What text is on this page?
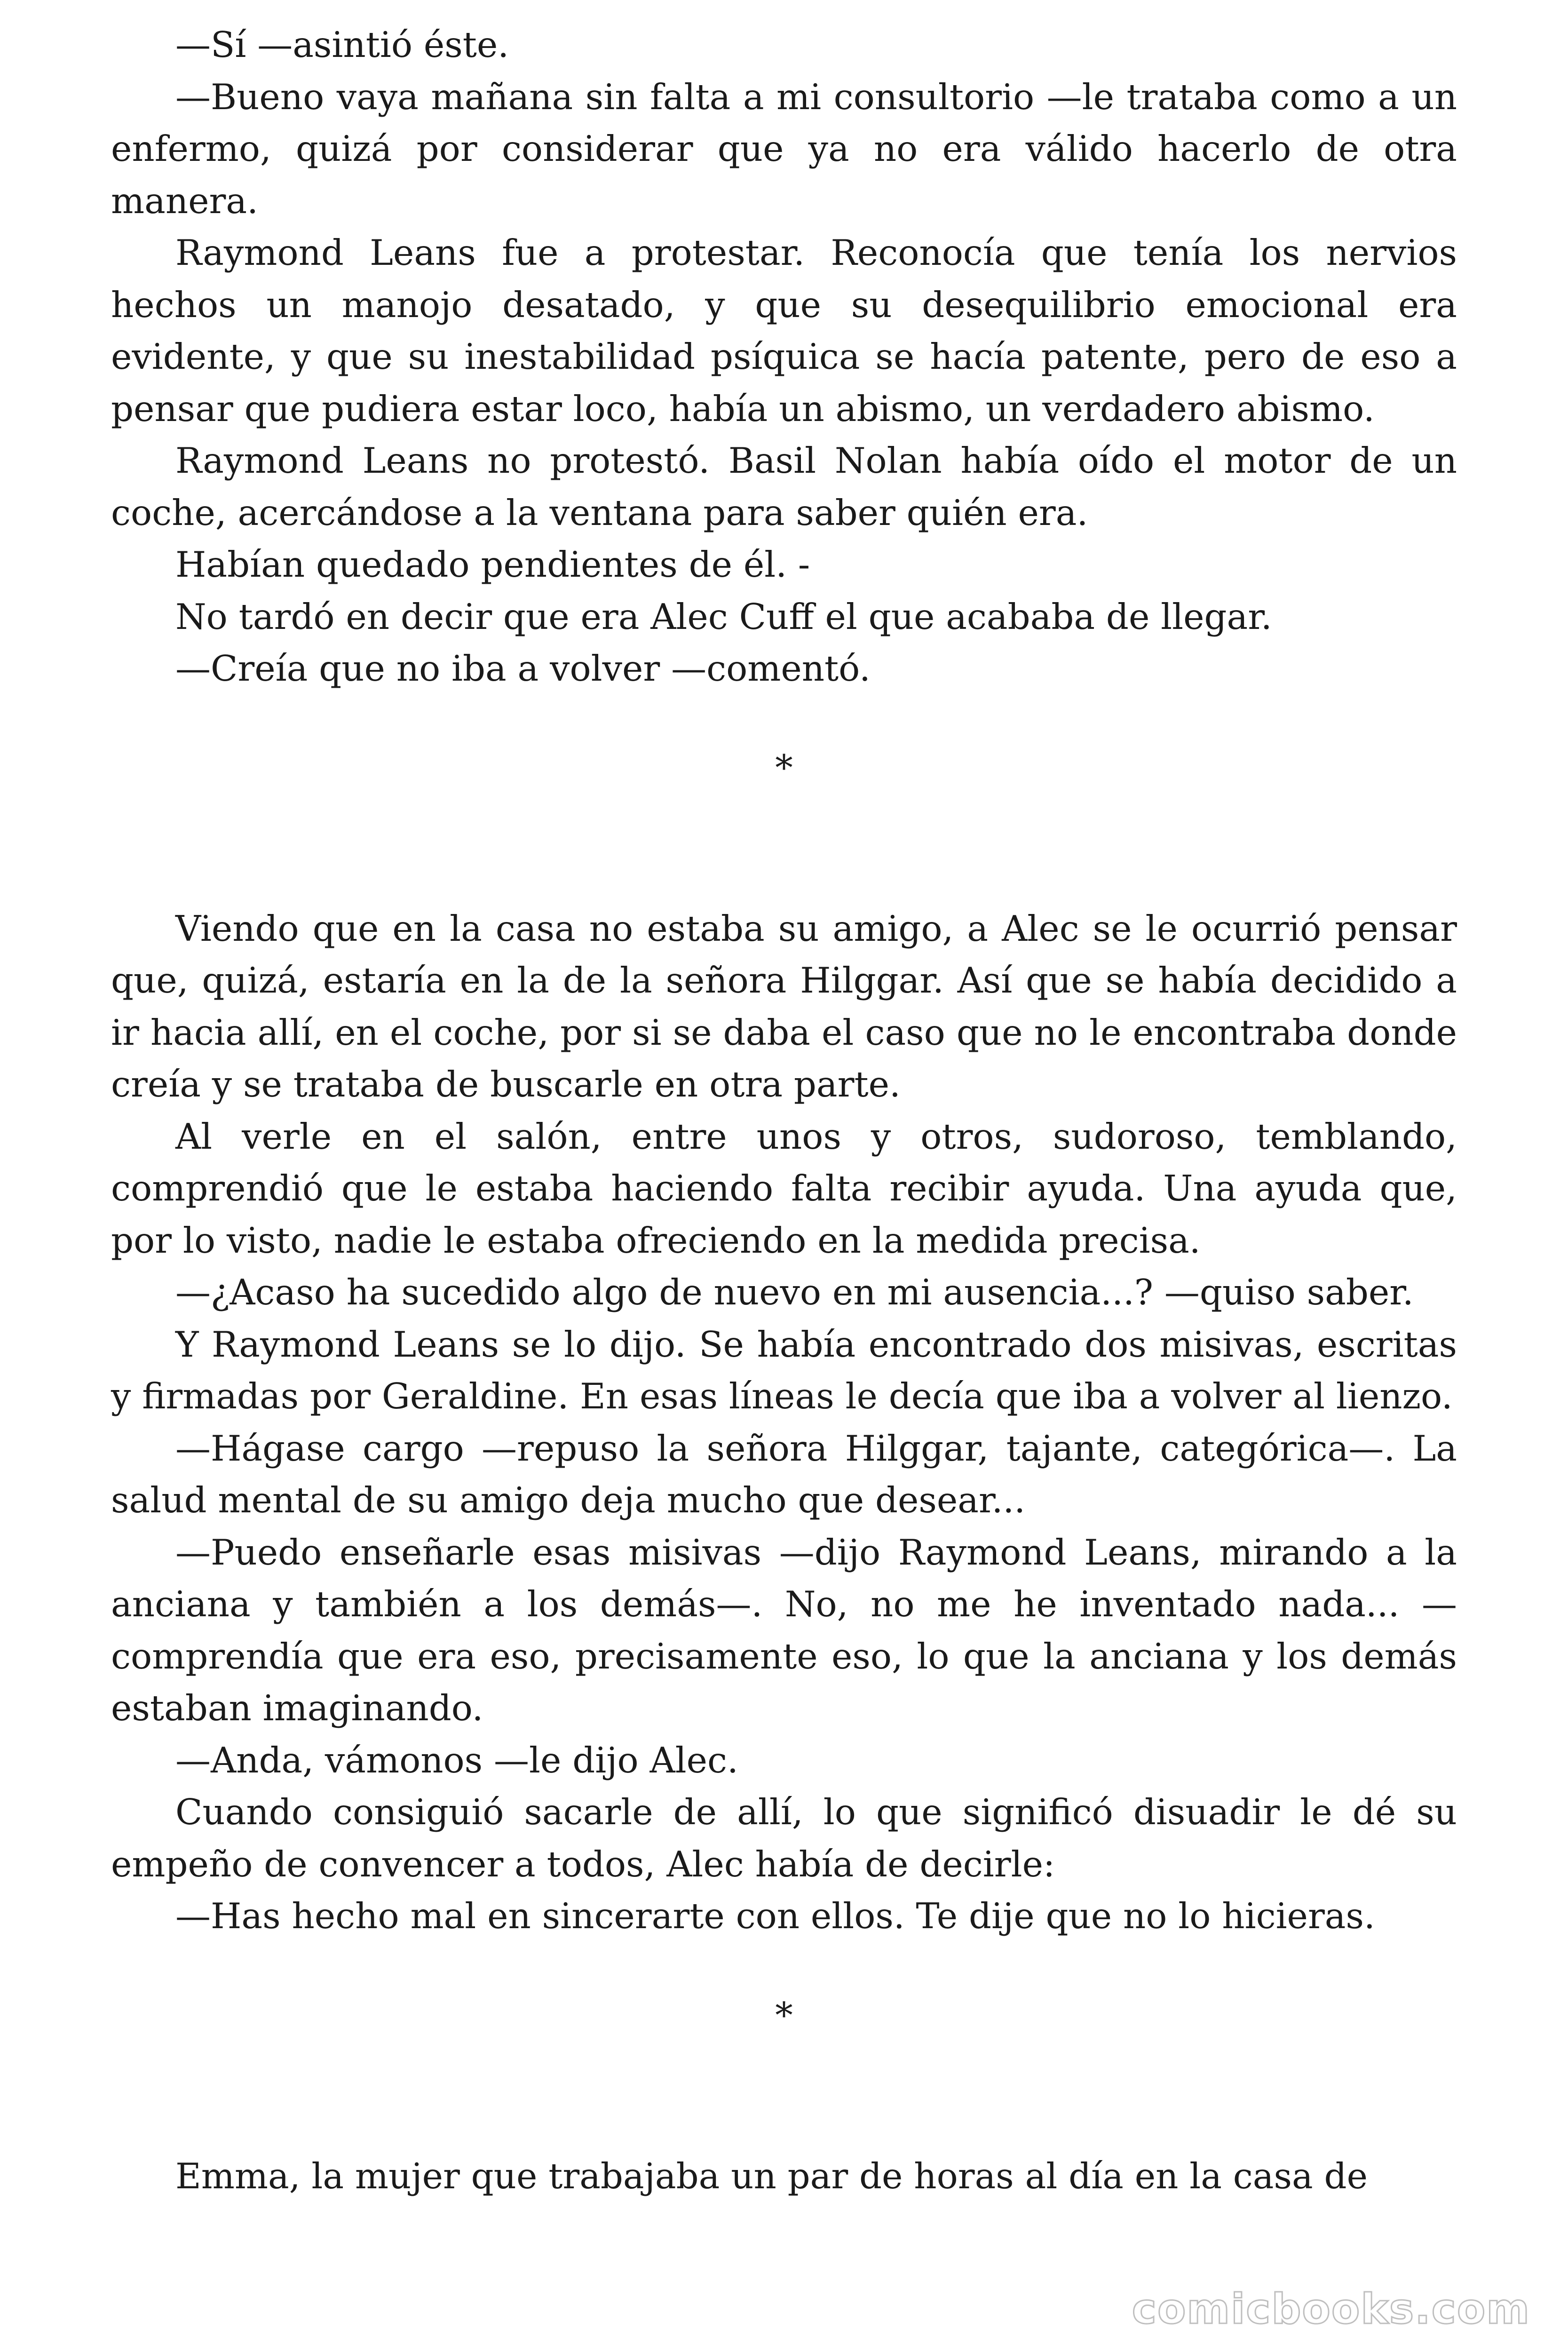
—Sí —asintió éste.

—Bueno vaya mañana sin falta a mi consultorio —le trataba como a un enfermo, quizá por considerar que ya no era válido hacerlo de otra manera.

Raymond Leans fue a protestar. Reconocía que tenía los nervios hechos un manojo desatado, y que su desequilibrio emocional era evidente, y que su inestabilidad psíquica se hacía patente, pero de eso a pensar que pudiera estar loco, había un abismo, un verdadero abismo.

Raymond Leans no protestó. Basil Nolan había oído el motor de un coche, acercándose a la ventana para saber quién era.

Habían quedado pendientes de él. -

No tardó en decir que era Alec Cuff el que acababa de llegar.

—Creía que no iba a volver —comentó.

*

Viendo que en la casa no estaba su amigo, a Alec se le ocurrió pensar que, quizá, estaría en la de la señora Hilggar. Así que se había decidido a ir hacia allí, en el coche, por si se daba el caso que no le encontraba donde creía y se trataba de buscarle en otra parte.

Al verle en el salón, entre unos y otros, sudoroso, temblando, comprendió que le estaba haciendo falta recibir ayuda. Una ayuda que, por lo visto, nadie le estaba ofreciendo en la medida precisa.

—¿Acaso ha sucedido algo de nuevo en mi ausencia...? —quiso saber.

Y Raymond Leans se lo dijo. Se había encontrado dos misivas, escritas y firmadas por Geraldine. En esas líneas le decía que iba a volver al lienzo.

—Hágase cargo —repuso la señora Hilggar, tajante, categórica—. La salud mental de su amigo deja mucho que desear...

—Puedo enseñarle esas misivas —dijo Raymond Leans, mirando a la anciana y también a los demás—. No, no me he inventado nada... —comprendía que era eso, precisamente eso, lo que la anciana y los demás estaban imaginando.

—Anda, vámonos —le dijo Alec.

Cuando consiguió sacarle de allí, lo que significó disuadir le dé su empeño de convencer a todos, Alec había de decirle:

—Has hecho mal en sincerarte con ellos. Te dije que no lo hicieras.

*

Emma, la mujer que trabajaba un par de horas al día en la casa de

comicbooks.com
